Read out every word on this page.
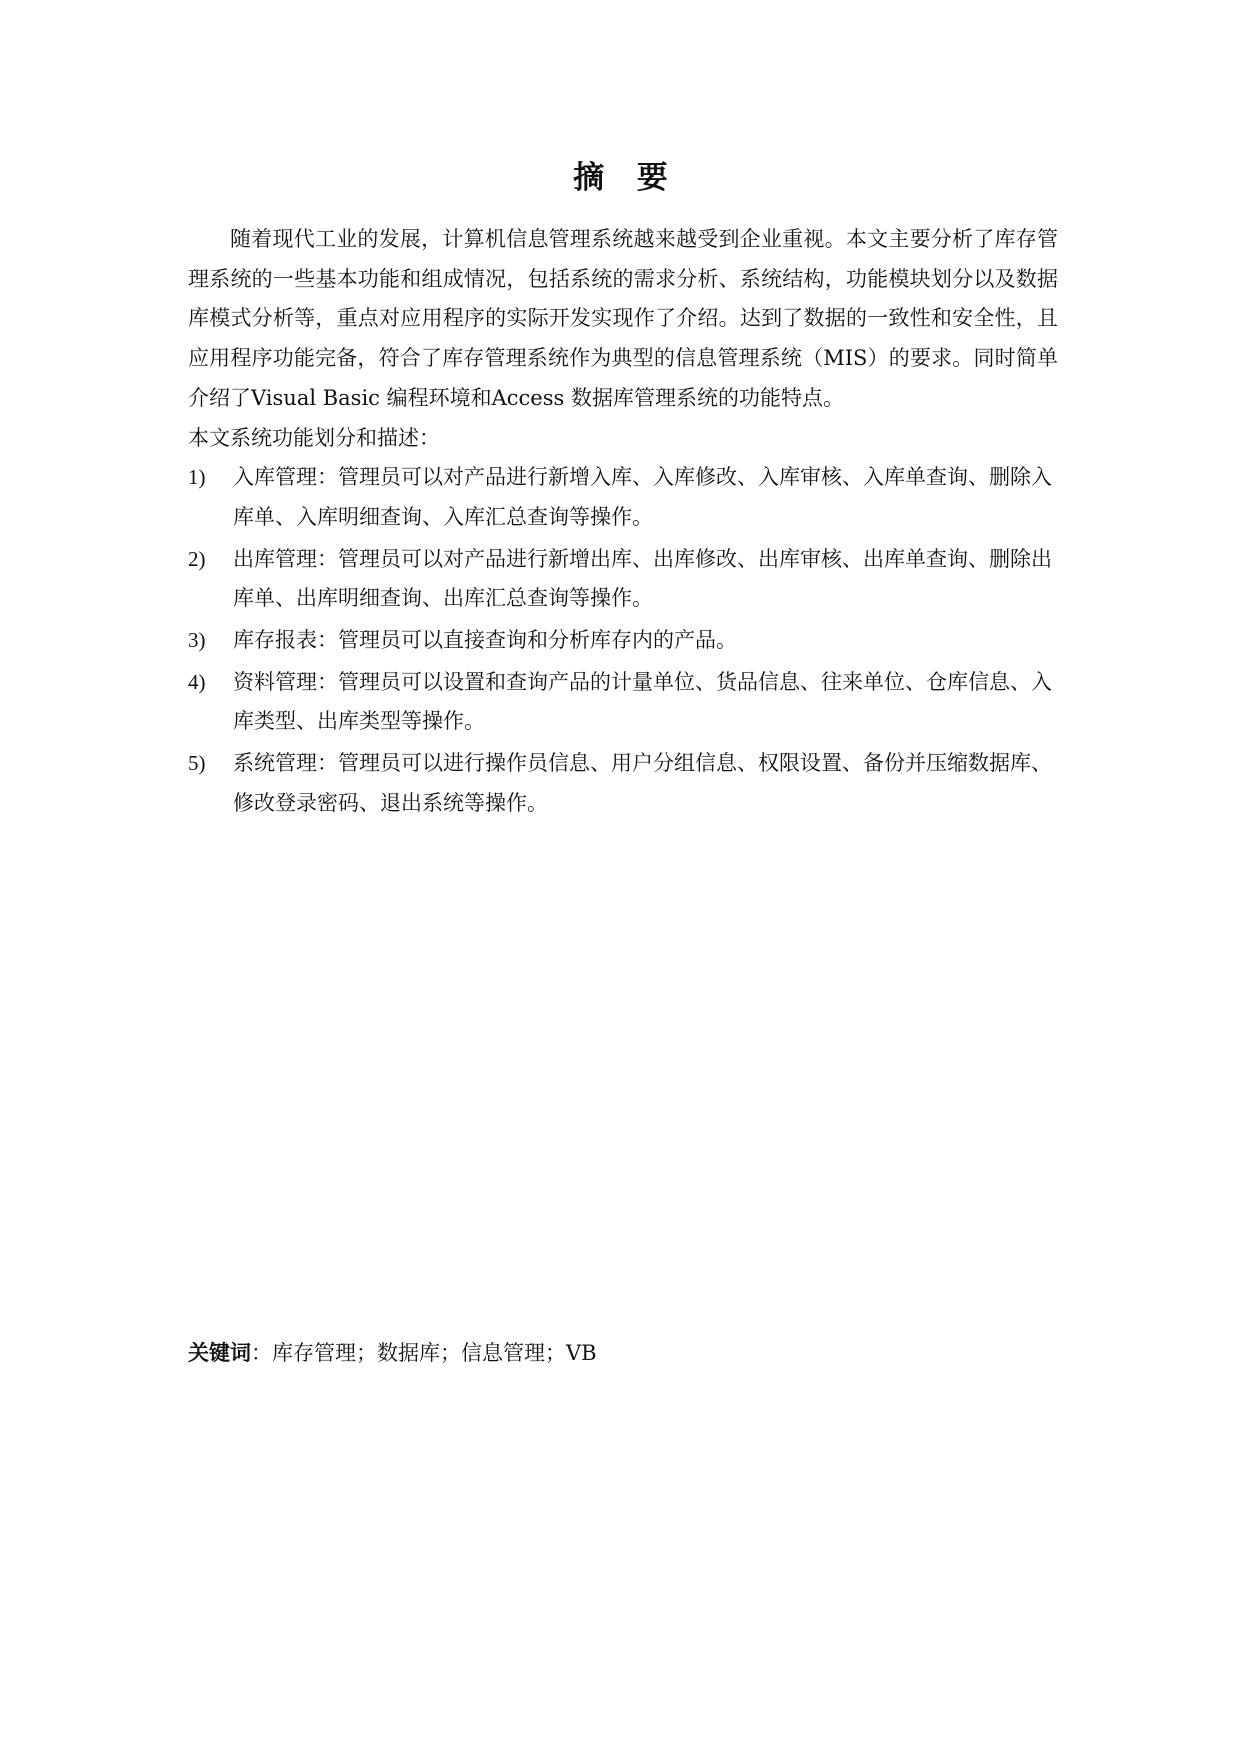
摘 要

随着现代工业的发展，计算机信息管理系统越来越受到企业重视。本文主要分析了库存管理系统的一些基本功能和组成情况，包括系统的需求分析、系统结构，功能模块划分以及数据库模式分析等，重点对应用程序的实际开发实现作了介绍。达到了数据的一致性和安全性，且应用程序功能完备，符合了库存管理系统作为典型的信息管理系统（MIS）的要求。同时简单介绍了Visual Basic 编程环境和Access 数据库管理系统的功能特点。

本文系统功能划分和描述：

1) 入库管理：管理员可以对产品进行新增入库、入库修改、入库审核、入库单查询、删除入库单、入库明细查询、入库汇总查询等操作。
2) 出库管理：管理员可以对产品进行新增出库、出库修改、出库审核、出库单查询、删除出库单、出库明细查询、出库汇总查询等操作。
3) 库存报表：管理员可以直接查询和分析库存内的产品。
4) 资料管理：管理员可以设置和查询产品的计量单位、货品信息、往来单位、仓库信息、入库类型、出库类型等操作。
5) 系统管理：管理员可以进行操作员信息、用户分组信息、权限设置、备份并压缩数据库、修改登录密码、退出系统等操作。
关键词：库存管理；数据库；信息管理；VB
